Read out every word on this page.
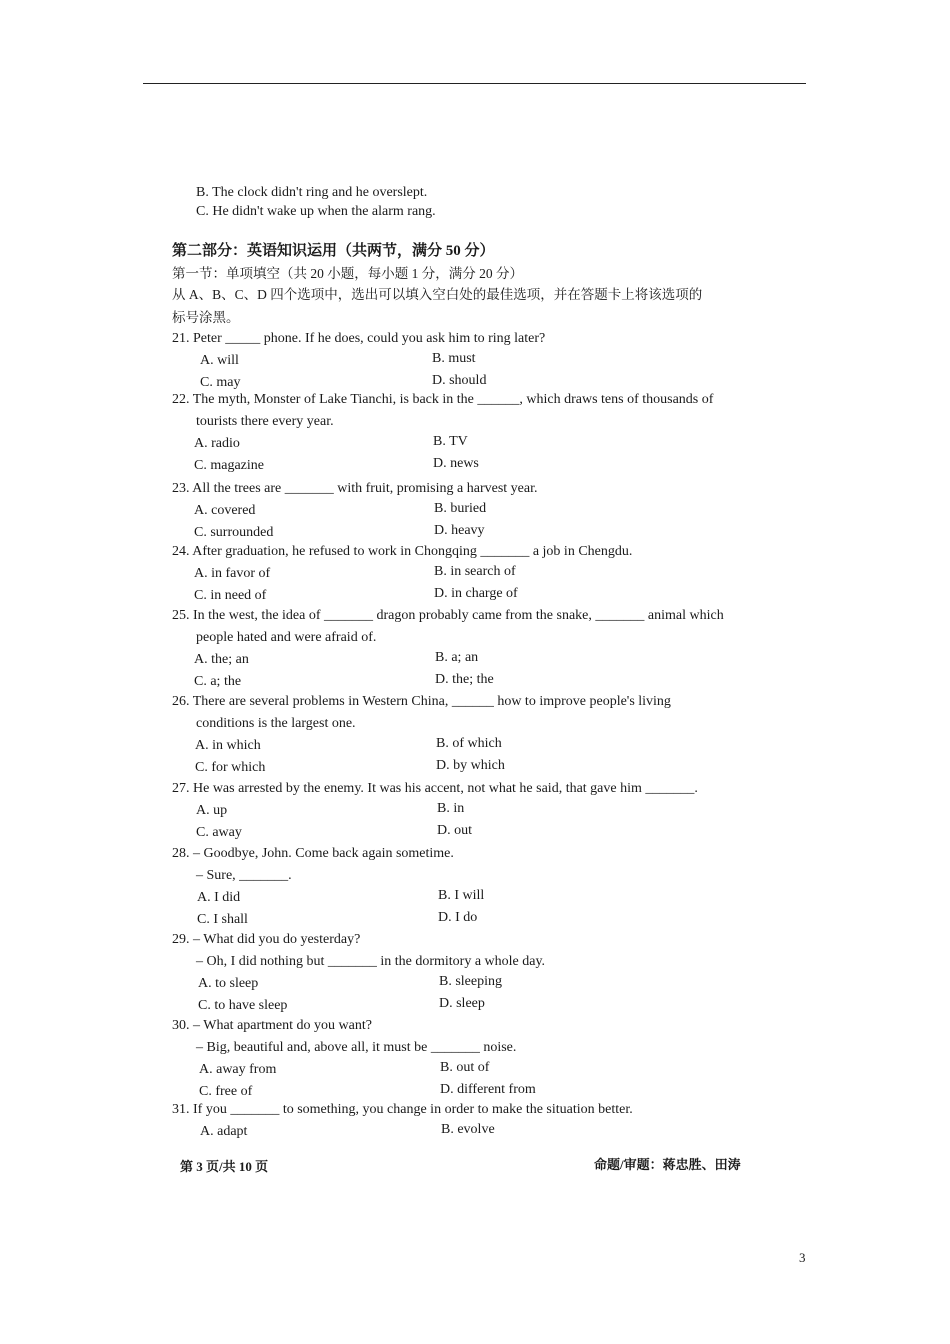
B. The clock didn't ring and he overslept.
C. He didn't wake up when the alarm rang.
第二部分：英语知识运用（共两节，满分 50 分）
第一节：单项填空（共 20 小题，每小题 1 分，满分 20 分）
从 A、B、C、D 四个选项中，选出可以填入空白处的最佳选项，并在答题卡上将该选项的
标号涂黑。
21. Peter _____ phone. If he does, could you ask him to ring later?
A. will	B. must
C. may	D. should
22. The myth, Monster of Lake Tianchi, is back in the ______, which draws tens of thousands of
tourists there every year.
A. radio	B. TV
C. magazine	D. news
23. All the trees are _______ with fruit, promising a harvest year.
A. covered	B. buried
C. surrounded	D. heavy
24. After graduation, he refused to work in Chongqing _______ a job in Chengdu.
A. in favor of	B. in search of
C. in need of	D. in charge of
25. In the west, the idea of _______ dragon probably came from the snake, _______ animal which
people hated and were afraid of.
A. the; an	B. a; an
C. a; the	D. the; the
26. There are several problems in Western China, ______ how to improve people's living
conditions is the largest one.
A. in which	B. of which
C. for which	D. by which
27. He was arrested by the enemy. It was his accent, not what he said, that gave him _______.
A. up	B. in
C. away	D. out
28. – Goodbye, John. Come back again sometime.
– Sure, _______.
A. I did	B. I will
C. I shall	D. I do
29. – What did you do yesterday?
– Oh, I did nothing but _______ in the dormitory a whole day.
A. to sleep	B. sleeping
C. to have sleep	D. sleep
30. – What apartment do you want?
– Big, beautiful and, above all, it must be _______ noise.
A. away from	B. out of
C. free of	D. different from
31. If you _______ to something, you change in order to make the situation better.
A. adapt	B. evolve
第 3 页/共 10 页	命题/审题：蒋忠胜、田涛
3
